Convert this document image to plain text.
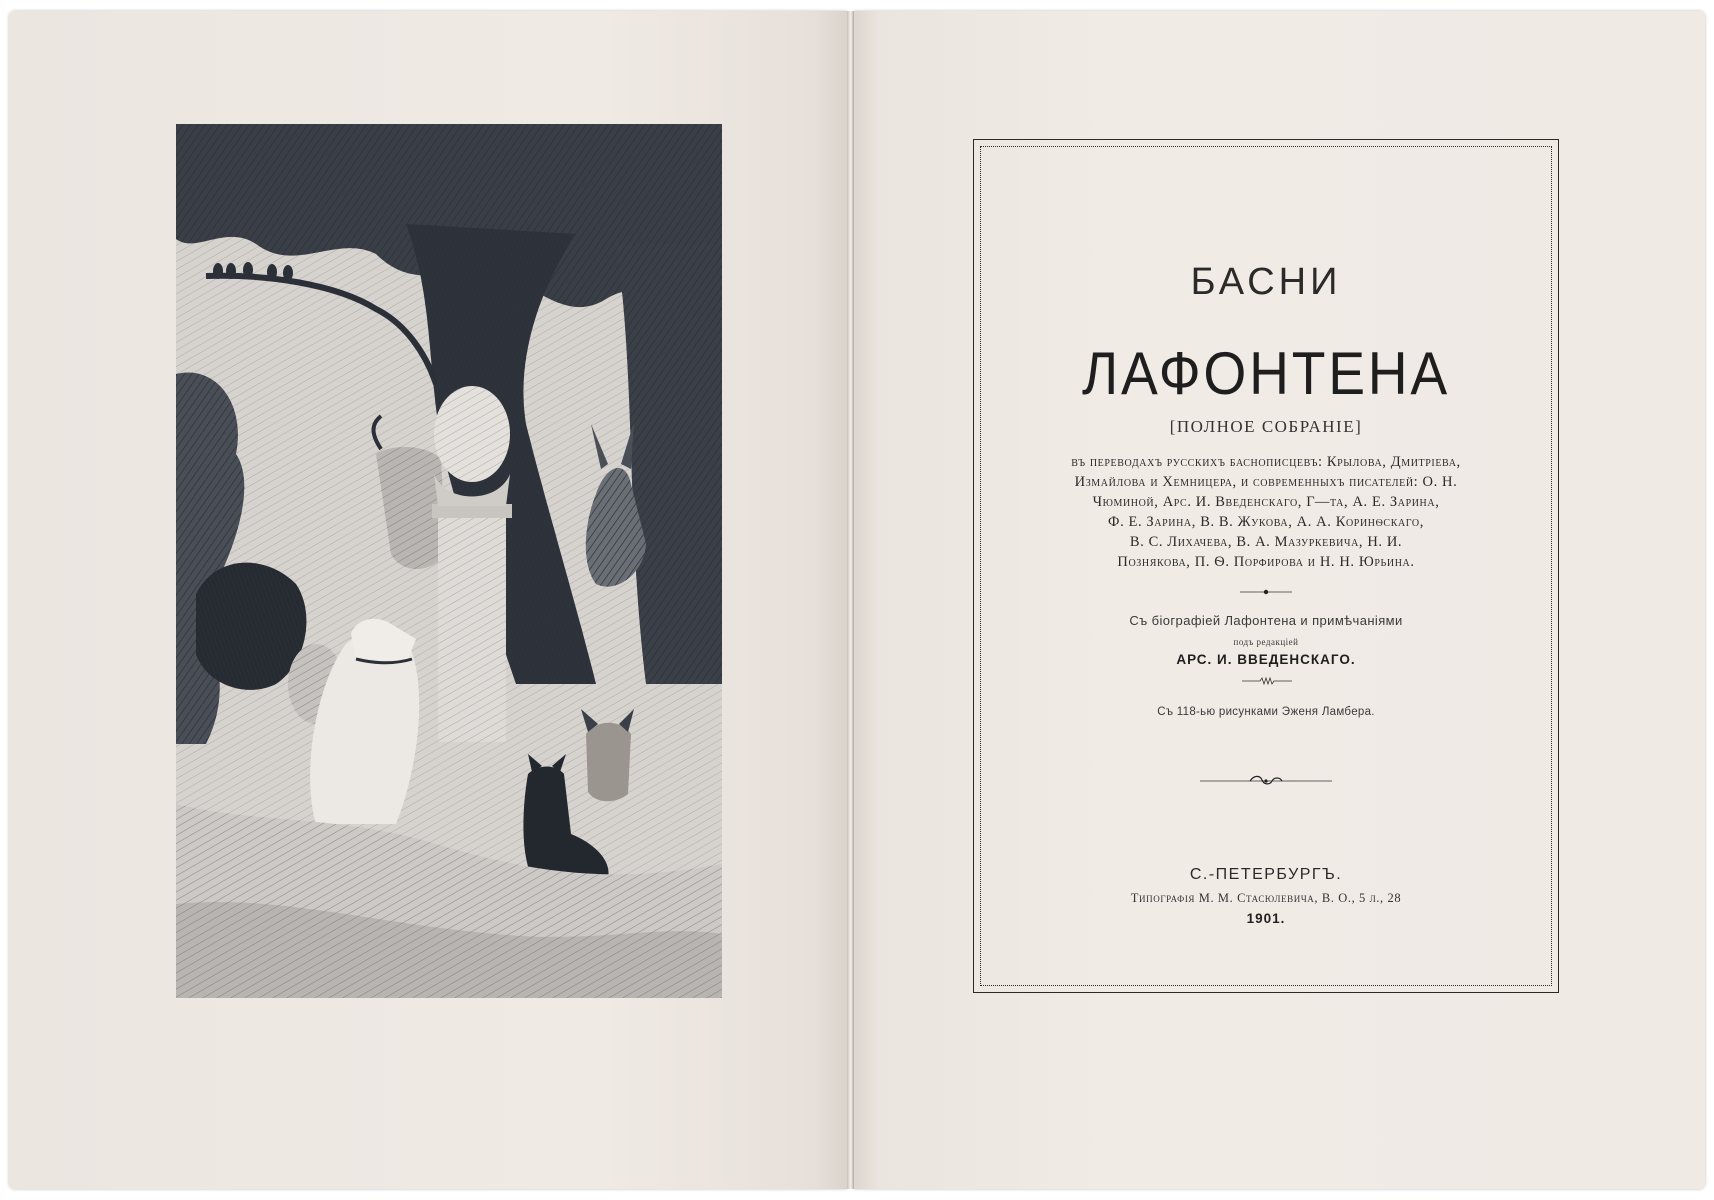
БАСНИ
ЛАФОНТЕНА
[ПОЛНОЕ СОБРАНІЕ]
въ переводахъ русскихъ баснописцевъ: Крылова, Дмитріева,
Измайлова и Хемницера, и современныхъ писателей: О. Н.
Чюминой, Арс. И. Введенскаго, Г—та, А. Е. Зарина,
Ф. Е. Зарина, В. В. Жукова, А. А. Коринѳскаго,
В. С. Лихачева, В. А. Мазуркевича, Н. И.
Познякова, П. Ѳ. Порфирова и Н. Н. Юрьина.
Съ біографіей Лафонтена и примѣчаніями
подъ редакціей
АРС. И. ВВЕДЕНСКАГО.
Съ 118-ью рисунками Эженя Ламбера.
С.-ПЕТЕРБУРГЪ.
Типографія М. М. Стасюлевича, В. О., 5 л., 28
1901.
